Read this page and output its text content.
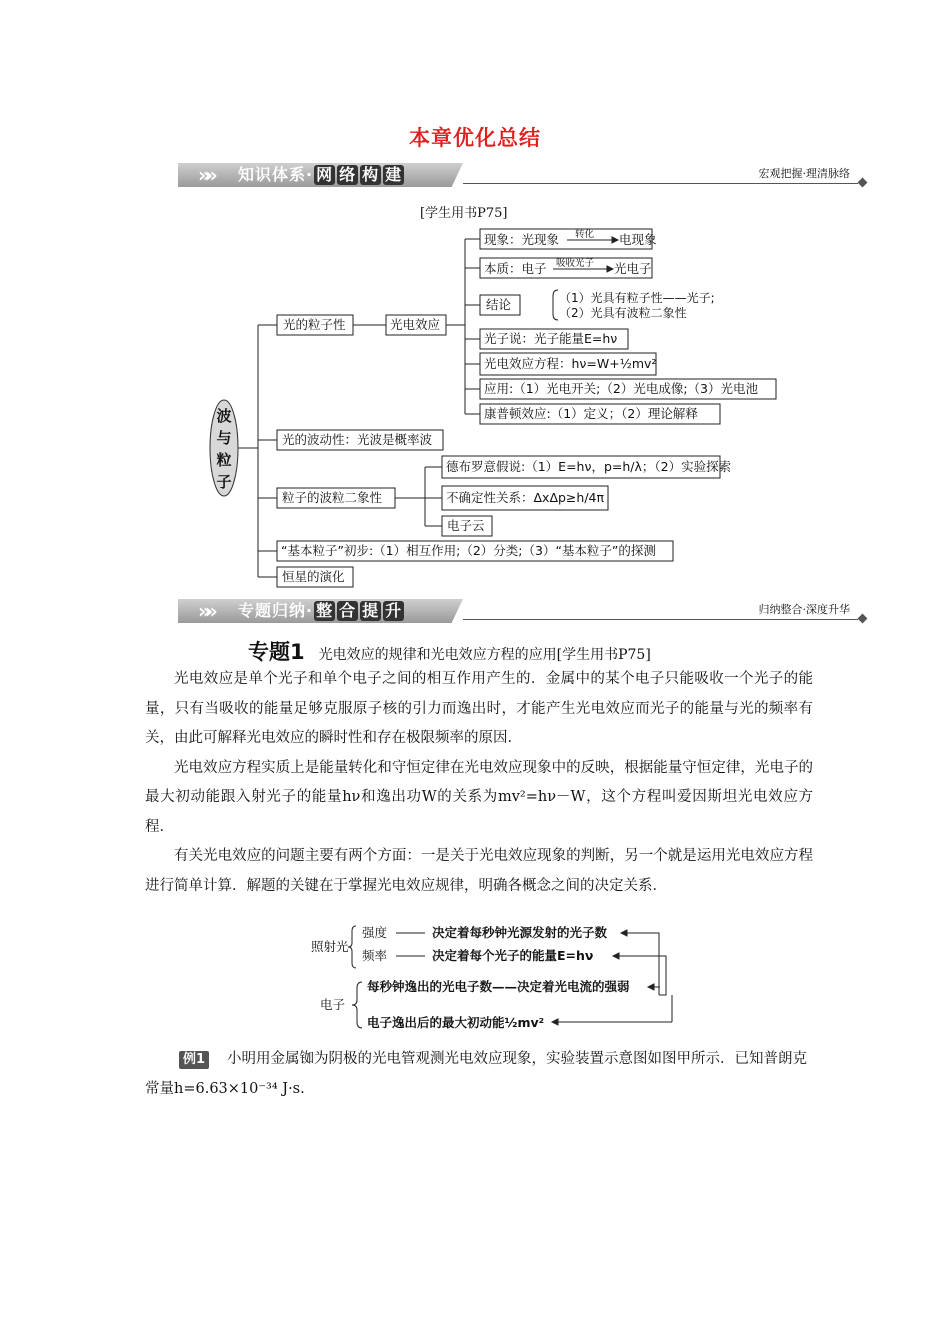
本章优化总结
»» 知识体系· 网 络 构 建	宏观把握·理清脉络
[学生用书P75]
波
与
粒
子
光的粒子性	光电效应
现象：光现象 转化 电现象
本质：电子 吸收光子 光电子
结论	（1）光具有粒子性——光子;
（2）光具有波粒二象性
光子说：光子能量E=hν
光电效应方程：hν=W+½mv²
应用:（1）光电开关;（2）光电成像;（3）光电池
康普顿效应:（1）定义；（2）理论解释
光的波动性：光波是概率波
粒子的波粒二象性
德布罗意假说:（1）E=hν，p=h/λ；（2）实验探索
不确定性关系：ΔxΔp≥h/4π
电子云
“基本粒子”初步:（1）相互作用;（2）分类;（3）“基本粒子”的探测
恒星的演化
»» 专题归纳· 整 合 提 升	归纳整合·深度升华
专题1 光电效应的规律和光电效应方程的应用[学生用书P75]

光电效应是单个光子和单个电子之间的相互作用产生的．金属中的某个电子只能吸收一个光子的能量，只有当吸收的能量足够克服原子核的引力而逸出时，才能产生光电效应而光子的能量与光的频率有关，由此可解释光电效应的瞬时性和存在极限频率的原因．

光电效应方程实质上是能量转化和守恒定律在光电效应现象中的反映，根据能量守恒定律，光电子的最大初动能跟入射光子的能量hν和逸出功W的关系为mv²=hν－W，这个方程叫爱因斯坦光电效应方程．

有关光电效应的问题主要有两个方面：一是关于光电效应现象的判断，另一个就是运用光电效应方程进行简单计算．解题的关键在于掌握光电效应规律，明确各概念之间的决定关系．

照射光
强度
频率
决定着每秒钟光源发射的光子数
决定着每个光子的能量E=hν
电子
每秒钟逸出的光电子数——决定着光电流的强弱
电子逸出后的最大初动能½mv²
例1 小明用金属铷为阴极的光电管观测光电效应现象，实验装置示意图如图甲所示．已知普朗克常量h=6.63×10⁻³⁴ J·s.
